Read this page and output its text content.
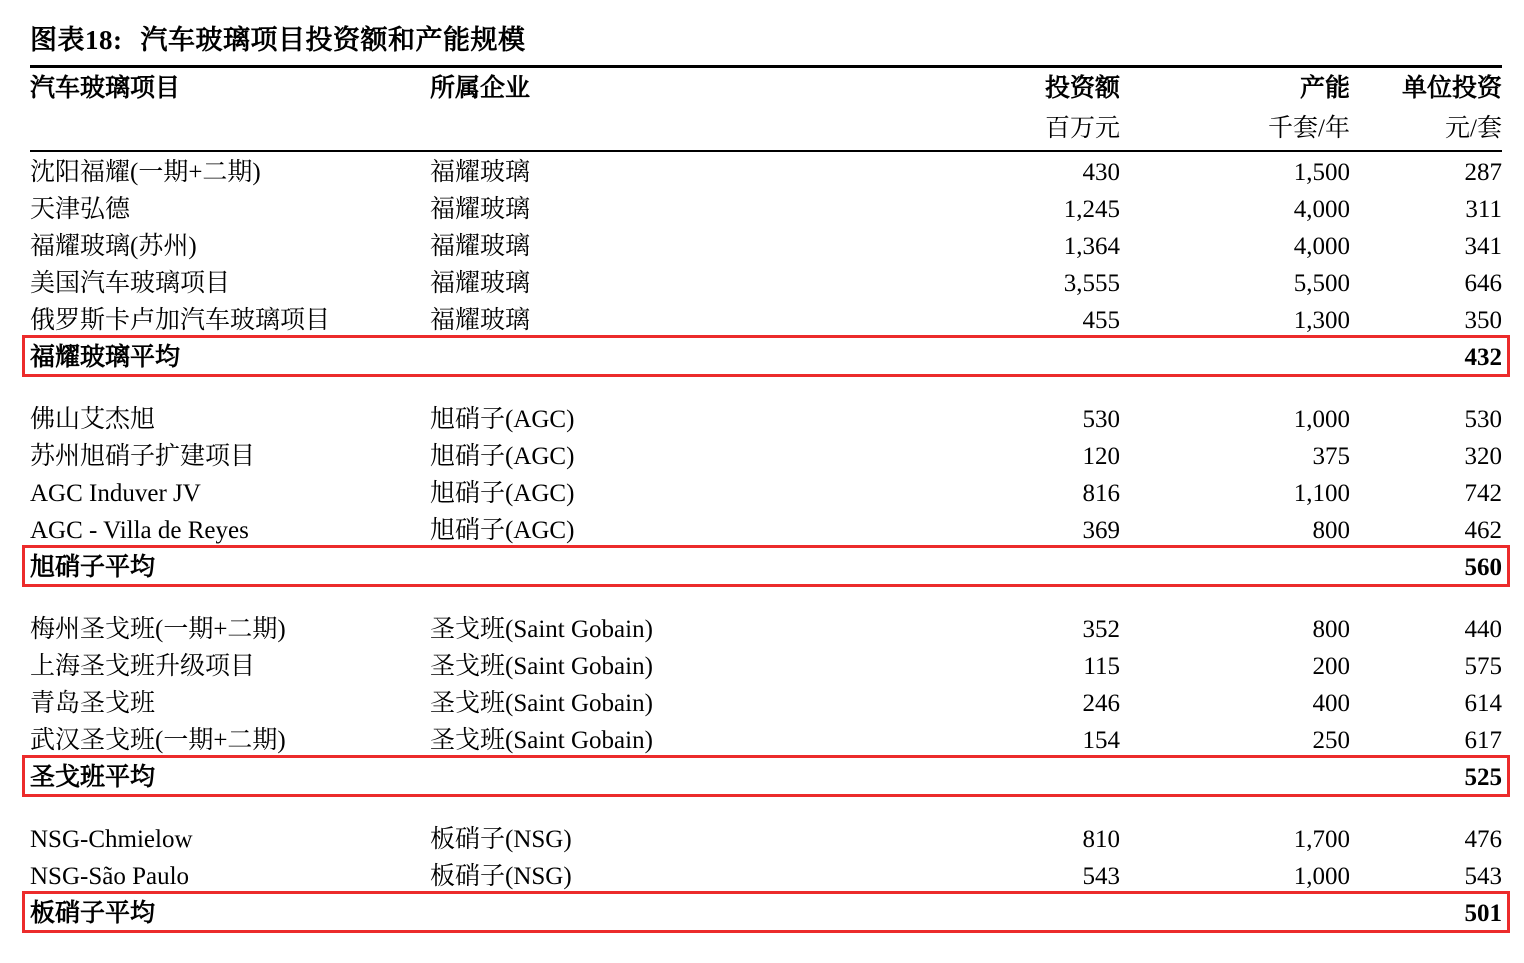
图表18: 汽车玻璃项目投资额和产能规模
汽车玻璃项目	所属企业	投资额	产能	单位投资
		百万元	千套/年	元/套
沈阳福耀(一期+二期)	福耀玻璃	430	1,500	287
天津弘德	福耀玻璃	1,245	4,000	311
福耀玻璃(苏州)	福耀玻璃	1,364	4,000	341
美国汽车玻璃项目	福耀玻璃	3,555	5,500	646
俄罗斯卡卢加汽车玻璃项目	福耀玻璃	455	1,300	350
福耀玻璃平均				432

佛山艾杰旭	旭硝子(AGC)	530	1,000	530
苏州旭硝子扩建项目	旭硝子(AGC)	120	375	320
AGC Induver JV	旭硝子(AGC)	816	1,100	742
AGC - Villa de Reyes	旭硝子(AGC)	369	800	462
旭硝子平均				560

梅州圣戈班(一期+二期)	圣戈班(Saint Gobain)	352	800	440
上海圣戈班升级项目	圣戈班(Saint Gobain)	115	200	575
青岛圣戈班	圣戈班(Saint Gobain)	246	400	614
武汉圣戈班(一期+二期)	圣戈班(Saint Gobain)	154	250	617
圣戈班平均				525

NSG-Chmielow	板硝子(NSG)	810	1,700	476
NSG-São Paulo	板硝子(NSG)	543	1,000	543
板硝子平均				501
